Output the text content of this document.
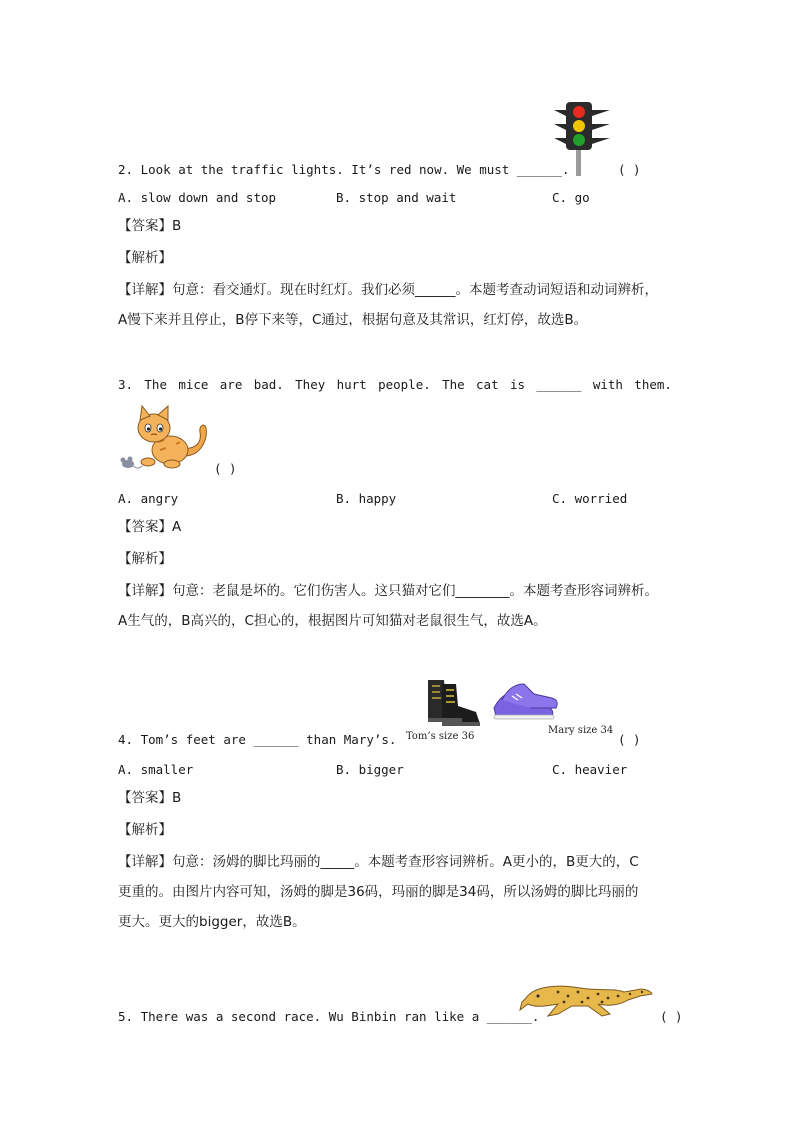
2. Look at the traffic lights. It’s red now. We must ______.	( )
A. slow down and stop	B. stop and wait	C. go
【答案】B
【解析】
【详解】句意：看交通灯。现在时红灯。我们必须______。本题考查动词短语和动词辨析，
A慢下来并且停止，B停下来等，C通过，根据句意及其常识，红灯停，故选B。
3. The mice are bad. They hurt people. The cat is ______ with them.
( )
A. angry	B. happy	C. worried
【答案】A
【解析】
【详解】句意：老鼠是坏的。它们伤害人。这只猫对它们________。本题考查形容词辨析。
A生气的，B高兴的，C担心的，根据图片可知猫对老鼠很生气，故选A。
Tom’s size 36
Mary size 34
4. Tom’s feet are ______ than Mary’s.	( )
A. smaller	B. bigger	C. heavier
【答案】B
【解析】
【详解】句意：汤姆的脚比玛丽的_____。本题考查形容词辨析。A更小的，B更大的，C
更重的。由图片内容可知，汤姆的脚是36码，玛丽的脚是34码，所以汤姆的脚比玛丽的
更大。更大的bigger，故选B。
5. There was a second race. Wu Binbin ran like a ______.	( )
